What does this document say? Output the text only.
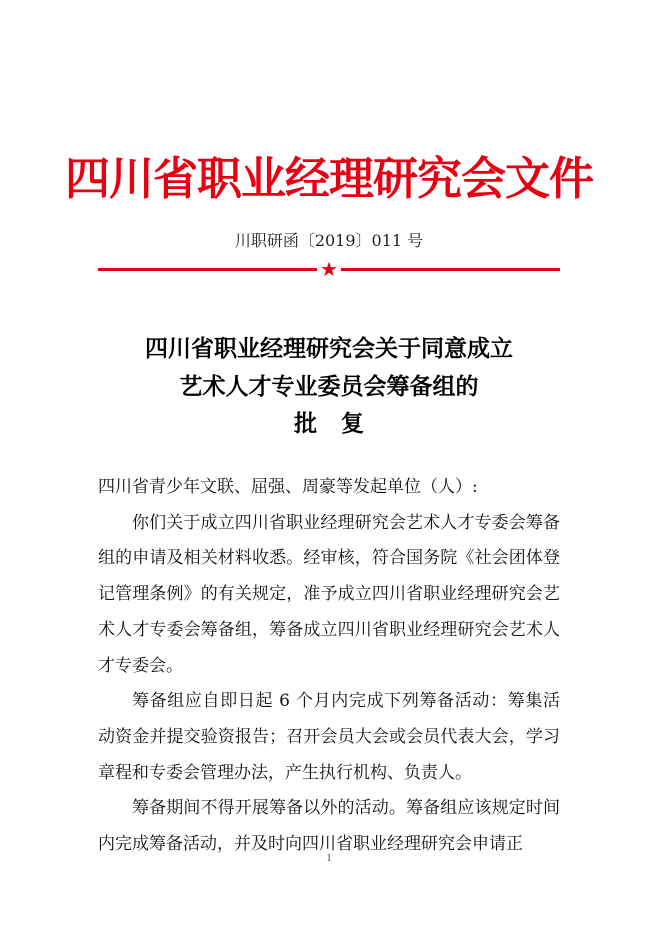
四川省职业经理研究会文件
川职研函〔2019〕011 号
★
四川省职业经理研究会关于同意成立
艺术人才专业委员会筹备组的
批复

四川省青少年文联、屈强、周豪等发起单位（人）:

你们关于成立四川省职业经理研究会艺术人才专委会筹备组的申请及相关材料收悉。经审核，符合国务院《社会团体登记管理条例》的有关规定，准予成立四川省职业经理研究会艺术人才专委会筹备组，筹备成立四川省职业经理研究会艺术人才专委会。

筹备组应自即日起 6 个月内完成下列筹备活动：筹集活动资金并提交验资报告；召开会员大会或会员代表大会，学习章程和专委会管理办法，产生执行机构、负责人。

筹备期间不得开展筹备以外的活动。筹备组应该规定时间内完成筹备活动，并及时向四川省职业经理研究会申请正

1
